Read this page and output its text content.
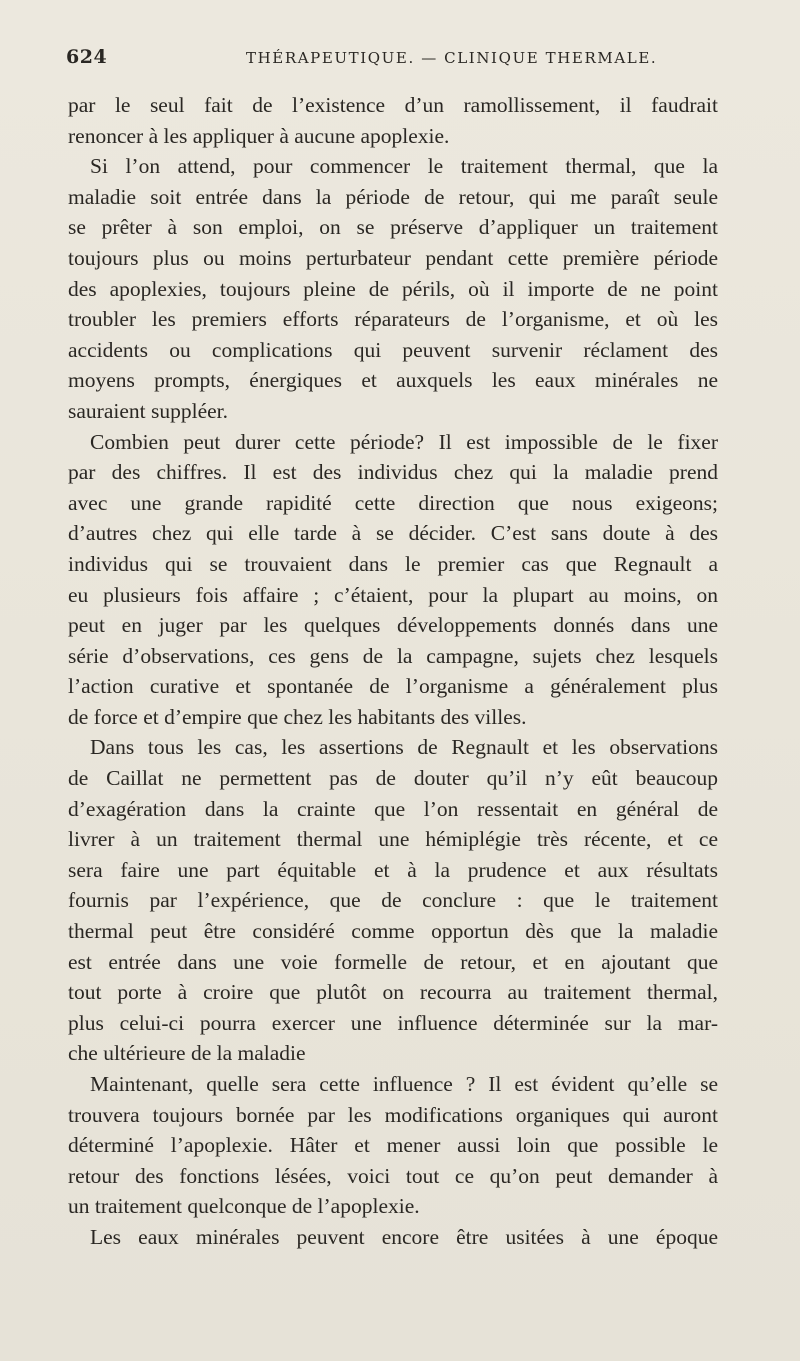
624	THÉRAPEUTIQUE. — CLINIQUE THERMALE.
par le seul fait de l’existence d’un ramollissement, il faudrait
renoncer à les appliquer à aucune apoplexie.
Si l’on attend, pour commencer le traitement thermal, que la
maladie soit entrée dans la période de retour, qui me paraît seule
se prêter à son emploi, on se préserve d’appliquer un traitement
toujours plus ou moins perturbateur pendant cette première période
des apoplexies, toujours pleine de périls, où il importe de ne point
troubler les premiers efforts réparateurs de l’organisme, et où les
accidents ou complications qui peuvent survenir réclament des
moyens prompts, énergiques et auxquels les eaux minérales ne
sauraient suppléer.
Combien peut durer cette période? Il est impossible de le fixer
par des chiffres. Il est des individus chez qui la maladie prend
avec une grande rapidité cette direction que nous exigeons;
d’autres chez qui elle tarde à se décider. C’est sans doute à des
individus qui se trouvaient dans le premier cas que Regnault a
eu plusieurs fois affaire ; c’étaient, pour la plupart au moins, on
peut en juger par les quelques développements donnés dans une
série d’observations, ces gens de la campagne, sujets chez lesquels
l’action curative et spontanée de l’organisme a généralement plus
de force et d’empire que chez les habitants des villes.
Dans tous les cas, les assertions de Regnault et les observations
de Caillat ne permettent pas de douter qu’il n’y eût beaucoup
d’exagération dans la crainte que l’on ressentait en général de
livrer à un traitement thermal une hémiplégie très récente, et ce
sera faire une part équitable et à la prudence et aux résultats
fournis par l’expérience, que de conclure : que le traitement
thermal peut être considéré comme opportun dès que la maladie
est entrée dans une voie formelle de retour, et en ajoutant que
tout porte à croire que plutôt on recourra au traitement thermal,
plus celui-ci pourra exercer une influence déterminée sur la mar-
che ultérieure de la maladie
Maintenant, quelle sera cette influence ? Il est évident qu’elle se
trouvera toujours bornée par les modifications organiques qui auront
déterminé l’apoplexie. Hâter et mener aussi loin que possible le
retour des fonctions lésées, voici tout ce qu’on peut demander à
un traitement quelconque de l’apoplexie.
Les eaux minérales peuvent encore être usitées à une époque
